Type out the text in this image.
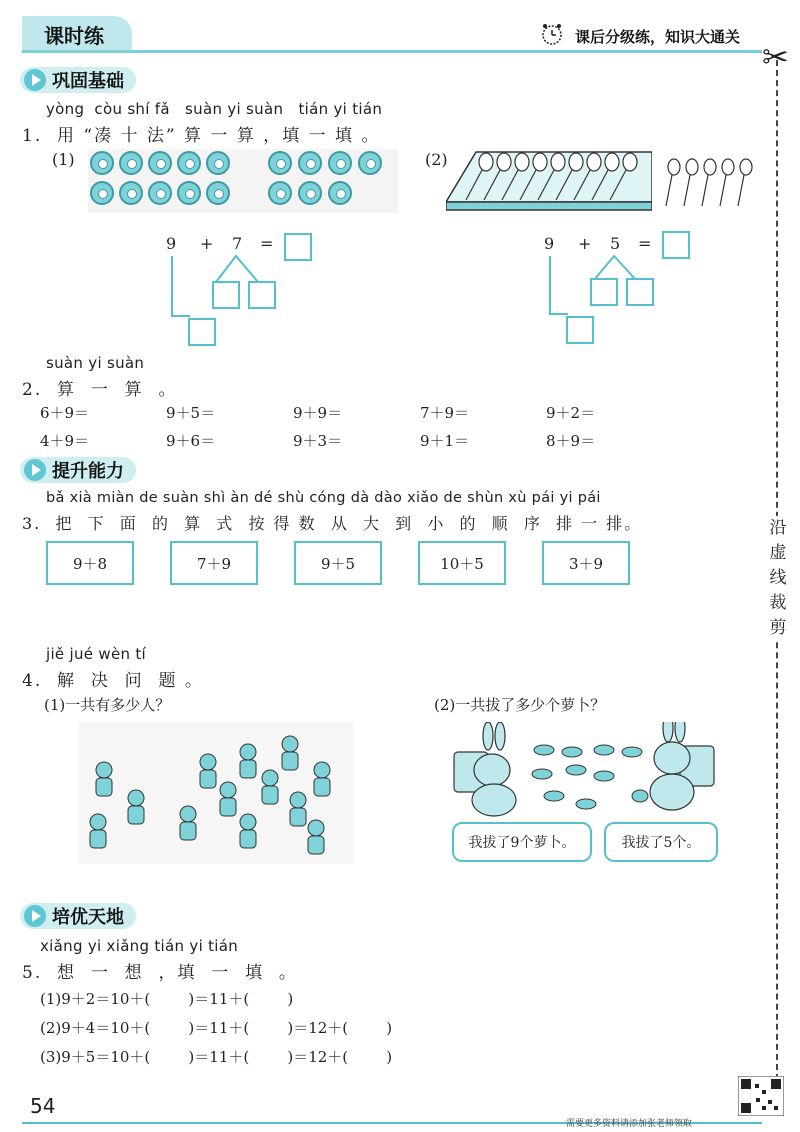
课时练	课后分级练，知识大通关
✂
沿虚线裁剪
巩固基础
yòng  còu shí fǎ   suàn yi suàn   tián yi tián
1.  用 “凑 十 法” 算 一 算 ，填 一 填 。
(1)	(2)
9 + 7 =	9 + 5 =
suàn yi suàn
2.  算  一  算  。
6＋9＝	9＋5＝	9＋9＝	7＋9＝	9＋2＝
4＋9＝	9＋6＝	9＋3＝	9＋1＝	8＋9＝
提升能力
bǎ xià miàn de suàn shì àn dé shù cóng dà dào xiǎo de shùn xù pái yi pái
3.  把  下  面  的  算  式  按 得 数  从  大  到  小  的  顺  序  排 一 排。
9＋8	7＋9	9＋5	10＋5	3＋9
jiě jué wèn tí
4.  解  决  问  题 。
(1)一共有多少人？	(2)一共拔了多少个萝卜？
我拔了9个萝卜。	我拔了5个。
培优天地
xiǎng yi xiǎng tián yi tián
5.  想  一  想  ，填  一  填  。
(1)9＋2＝10＋(        )＝11＋(        )
(2)9＋4＝10＋(        )＝11＋(        )＝12＋(        )
(3)9＋5＝10＋(        )＝11＋(        )＝12＋(        )
54
需要更多资料请添加张老师领取
